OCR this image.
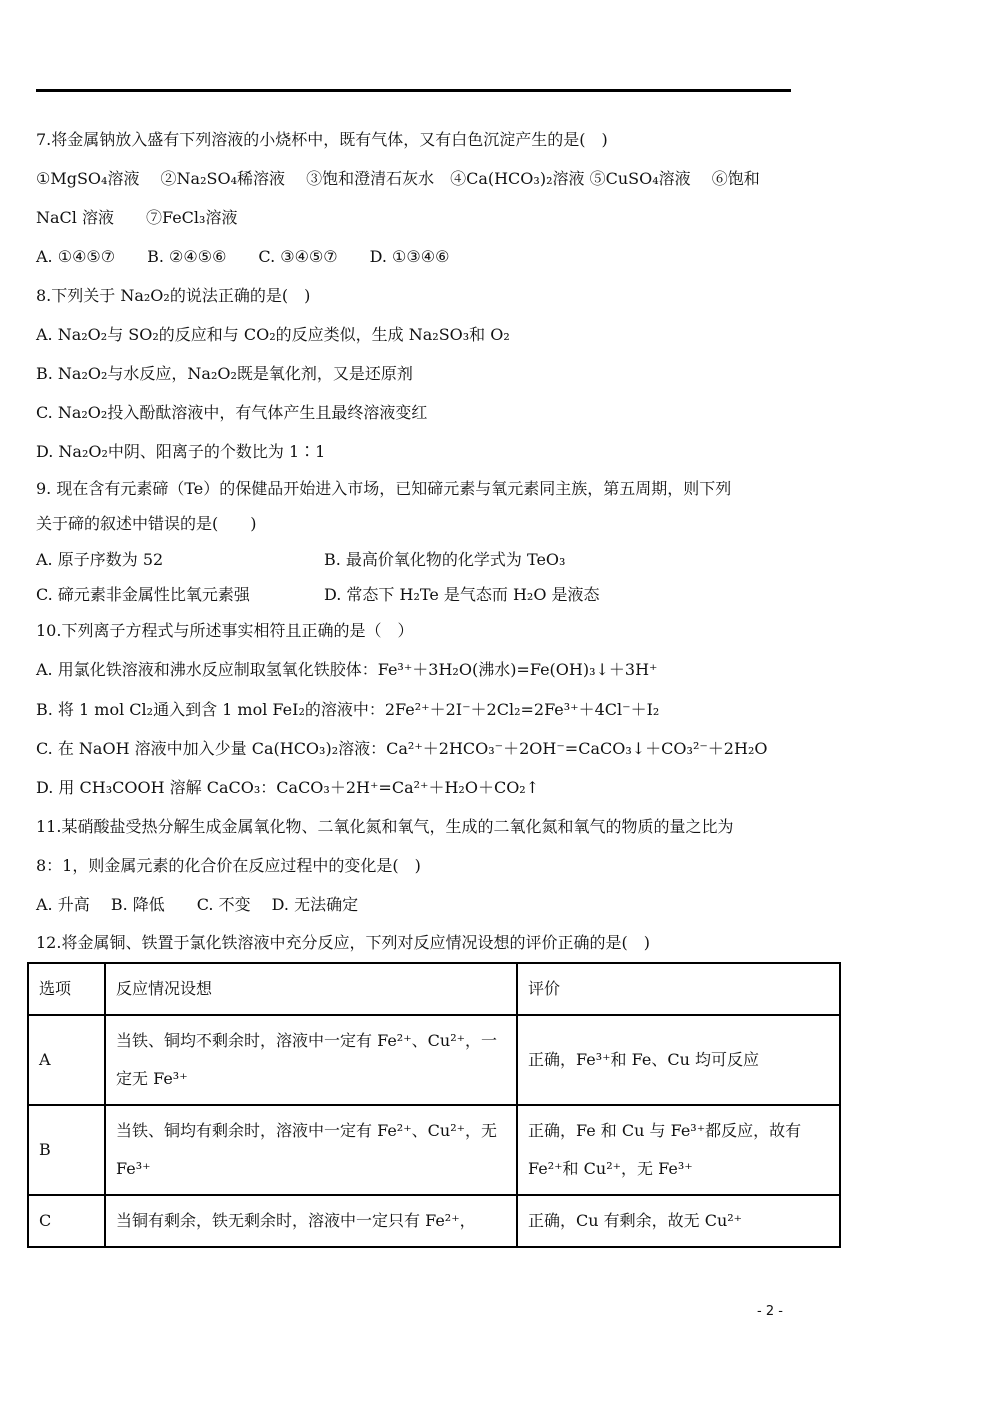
7.将金属钠放入盛有下列溶液的小烧杯中，既有气体，又有白色沉淀产生的是(　)
①MgSO₄溶液　 ②Na₂SO₄稀溶液　 ③饱和澄清石灰水　④Ca(HCO₃)₂溶液 ⑤CuSO₄溶液　 ⑥饱和
NaCl 溶液　　⑦FeCl₃溶液
A. ①④⑤⑦　　B. ②④⑤⑥　　C. ③④⑤⑦　　D. ①③④⑥
8.下列关于 Na₂O₂的说法正确的是(　)
A. Na₂O₂与 SO₂的反应和与 CO₂的反应类似，生成 Na₂SO₃和 O₂
B. Na₂O₂与水反应，Na₂O₂既是氧化剂，又是还原剂
C. Na₂O₂投入酚酞溶液中，有气体产生且最终溶液变红
D. Na₂O₂中阴、阳离子的个数比为 1∶1
9. 现在含有元素碲（Te）的保健品开始进入市场，已知碲元素与氧元素同主族，第五周期，则下列
关于碲的叙述中错误的是(　　)
A. 原子序数为 52	B. 最高价氧化物的化学式为 TeO₃
C. 碲元素非金属性比氧元素强	D. 常态下 H₂Te 是气态而 H₂O 是液态
10.下列离子方程式与所述事实相符且正确的是（　）
A. 用氯化铁溶液和沸水反应制取氢氧化铁胶体：Fe³⁺＋3H₂O(沸水)=Fe(OH)₃↓＋3H⁺
B. 将 1 mol Cl₂通入到含 1 mol FeI₂的溶液中：2Fe²⁺＋2I⁻＋2Cl₂=2Fe³⁺＋4Cl⁻＋I₂
C. 在 NaOH 溶液中加入少量 Ca(HCO₃)₂溶液：Ca²⁺＋2HCO₃⁻＋2OH⁻=CaCO₃↓＋CO₃²⁻＋2H₂O
D. 用 CH₃COOH 溶解 CaCO₃：CaCO₃＋2H⁺=Ca²⁺＋H₂O＋CO₂↑
11.某硝酸盐受热分解生成金属氧化物、二氧化氮和氧气，生成的二氧化氮和氧气的物质的量之比为
8：1，则金属元素的化合价在反应过程中的变化是(　)
A. 升高　 B. 降低　　C. 不变　 D. 无法确定
12.将金属铜、铁置于氯化铁溶液中充分反应，下列对反应情况设想的评价正确的是(　)
选项	反应情况设想	评价
A	当铁、铜均不剩余时，溶液中一定有 Fe²⁺、Cu²⁺，一定无 Fe³⁺	正确，Fe³⁺和 Fe、Cu 均可反应
B	当铁、铜均有剩余时，溶液中一定有 Fe²⁺、Cu²⁺，无 Fe³⁺	正确，Fe 和 Cu 与 Fe³⁺都反应，故有 Fe²⁺和 Cu²⁺，无 Fe³⁺
C	当铜有剩余，铁无剩余时，溶液中一定只有 Fe²⁺，	正确，Cu 有剩余，故无 Cu²⁺
- 2 -
